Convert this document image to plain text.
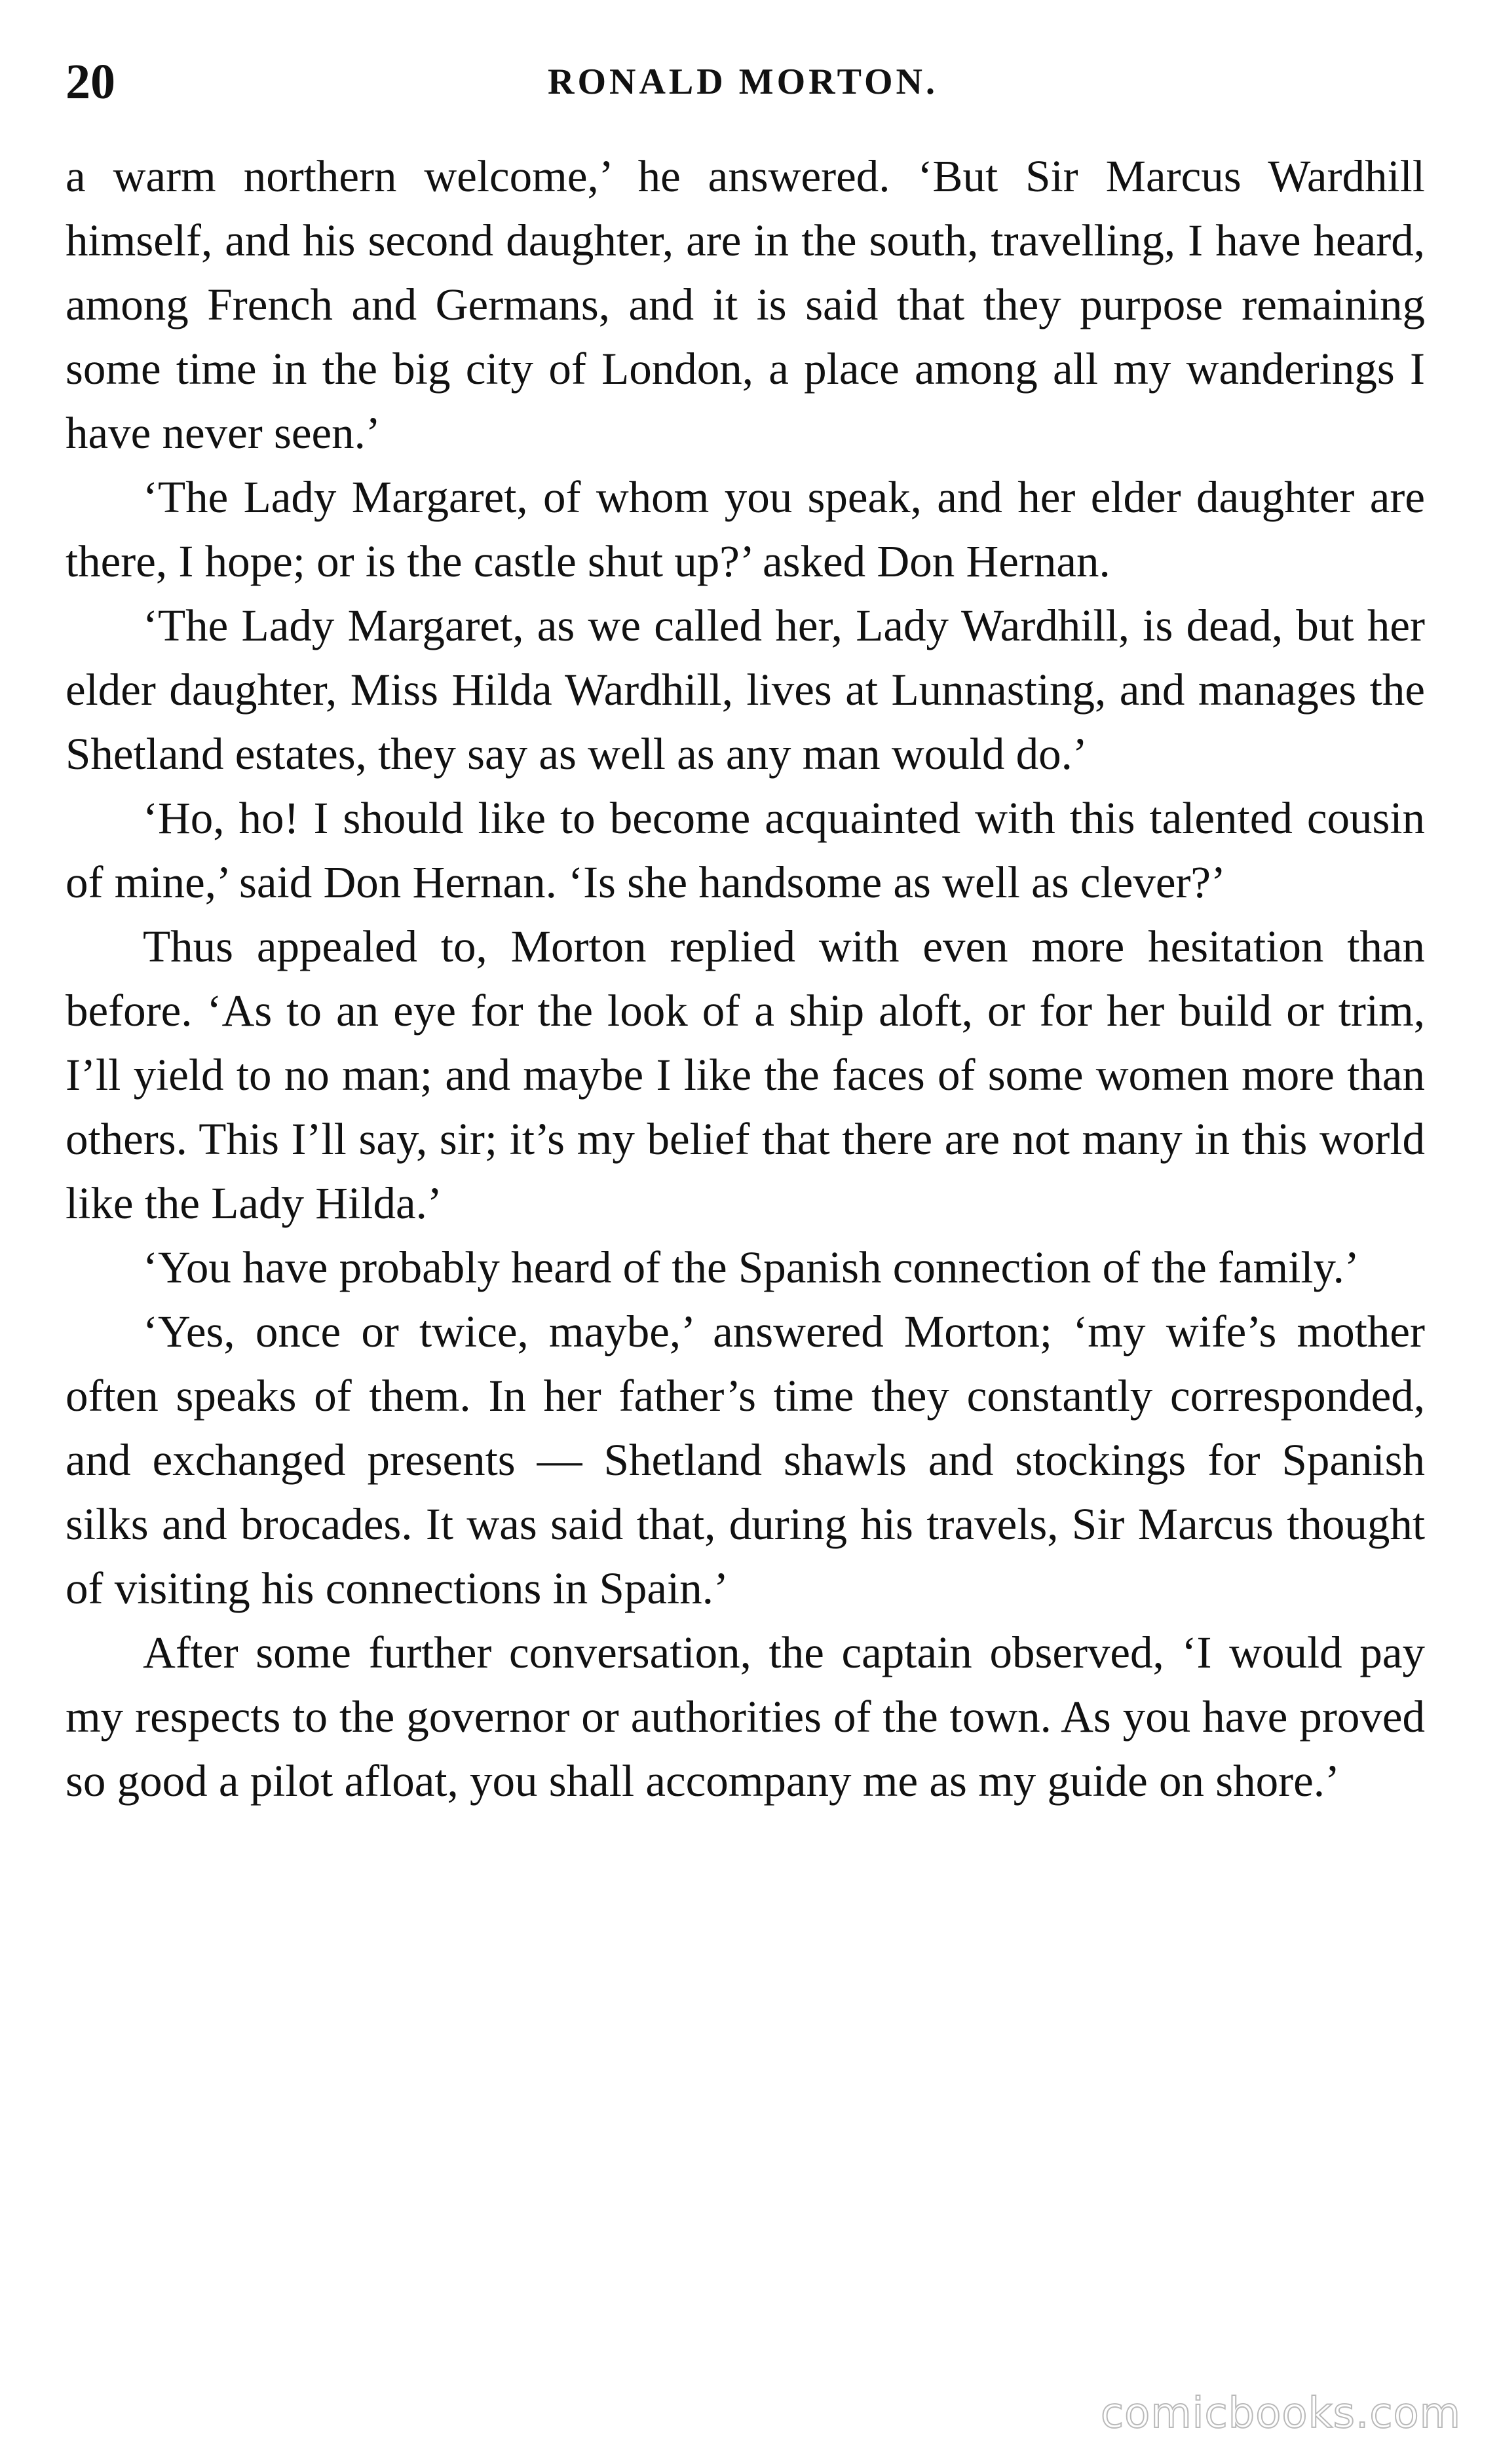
20	RONALD MORTON.

a warm northern welcome,’ he answered. ‘But Sir Marcus Wardhill himself, and his second daughter, are in the south, travelling, I have heard, among French and Germans, and it is said that they purpose remaining some time in the big city of London, a place among all my wanderings I have never seen.’

‘The Lady Margaret, of whom you speak, and her elder daughter are there, I hope; or is the castle shut up?’ asked Don Hernan.

‘The Lady Margaret, as we called her, Lady Wardhill, is dead, but her elder daughter, Miss Hilda Wardhill, lives at Lunnasting, and manages the Shetland estates, they say as well as any man would do.’

‘Ho, ho! I should like to become acquainted with this talented cousin of mine,’ said Don Hernan. ‘Is she handsome as well as clever?’

Thus appealed to, Morton replied with even more hesitation than before. ‘As to an eye for the look of a ship aloft, or for her build or trim, I’ll yield to no man; and maybe I like the faces of some women more than others. This I’ll say, sir; it’s my belief that there are not many in this world like the Lady Hilda.’

‘You have probably heard of the Spanish connection of the family.’

‘Yes, once or twice, maybe,’ answered Morton; ‘my wife’s mother often speaks of them. In her father’s time they constantly corresponded, and exchanged presents — Shetland shawls and stockings for Spanish silks and brocades. It was said that, during his travels, Sir Marcus thought of visiting his connections in Spain.’

After some further conversation, the captain observed, ‘I would pay my respects to the governor or authorities of the town. As you have proved so good a pilot afloat, you shall accompany me as my guide on shore.’

comicbooks.com
